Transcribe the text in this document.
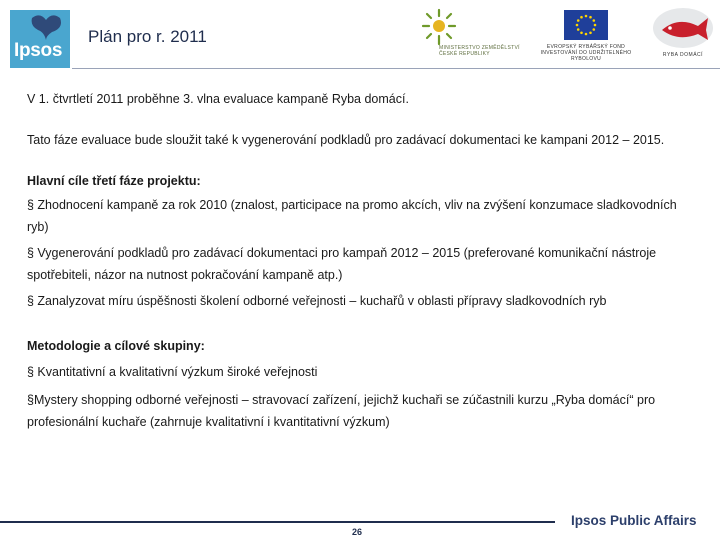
Ipsos
Plán pro r. 2011
MINISTERSTVO ZEMĚDĚLSTVÍ ČESKÉ REPUBLIKY
EVROPSKÝ RYBÁŘSKÝ FOND INVESTOVÁNÍ DO UDRŽITELNÉHO RYBOLOVU
RYBA DOMÁCÍ

V 1. čtvrtletí 2011 proběhne 3. vlna evaluace kampaně Ryba domácí.

Tato fáze evaluace bude sloužit také k vygenerování podkladů pro zadávací dokumentaci ke kampani 2012 – 2015.

Hlavní cíle třetí fáze projektu:

§ Zhodnocení kampaně za rok 2010 (znalost, participace na promo akcích, vliv na zvýšení konzumace sladkovodních ryb)

§ Vygenerování podkladů pro zadávací dokumentaci pro kampaň 2012 – 2015 (preferované komunikační nástroje spotřebiteli, názor na nutnost pokračování kampaně atp.)

§ Zanalyzovat míru úspěšnosti školení odborné veřejnosti – kuchařů v oblasti přípravy sladkovodních ryb

Metodologie a cílové skupiny:

§ Kvantitativní a kvalitativní výzkum široké veřejnosti

§Mystery shopping odborné veřejnosti – stravovací zařízení, jejichž kuchaři se zúčastnili kurzu „Ryba domácí“ pro profesionální kuchaře (zahrnuje kvalitativní i kvantitativní výzkum)

26
Ipsos Public Affairs
